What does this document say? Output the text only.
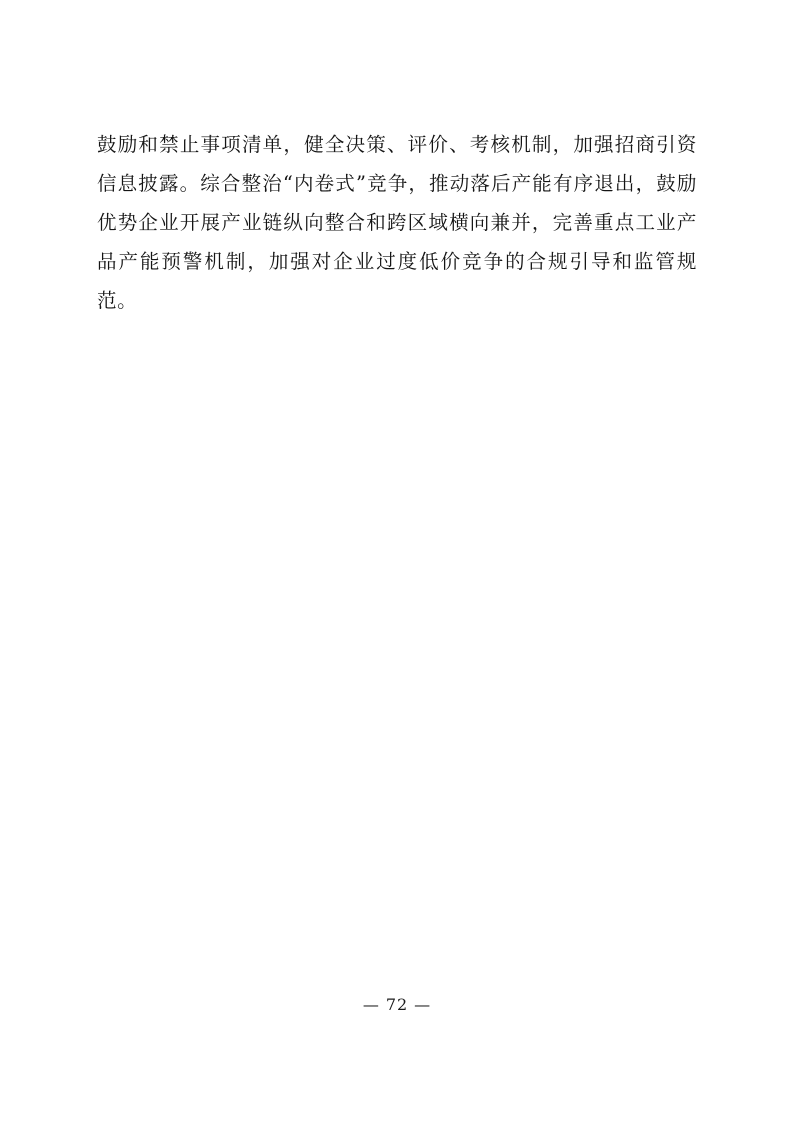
鼓励和禁止事项清单，健全决策、评价、考核机制，加强招商引资信息披露。综合整治“内卷式”竞争，推动落后产能有序退出，鼓励优势企业开展产业链纵向整合和跨区域横向兼并，完善重点工业产品产能预警机制，加强对企业过度低价竞争的合规引导和监管规范。
— 72 —
